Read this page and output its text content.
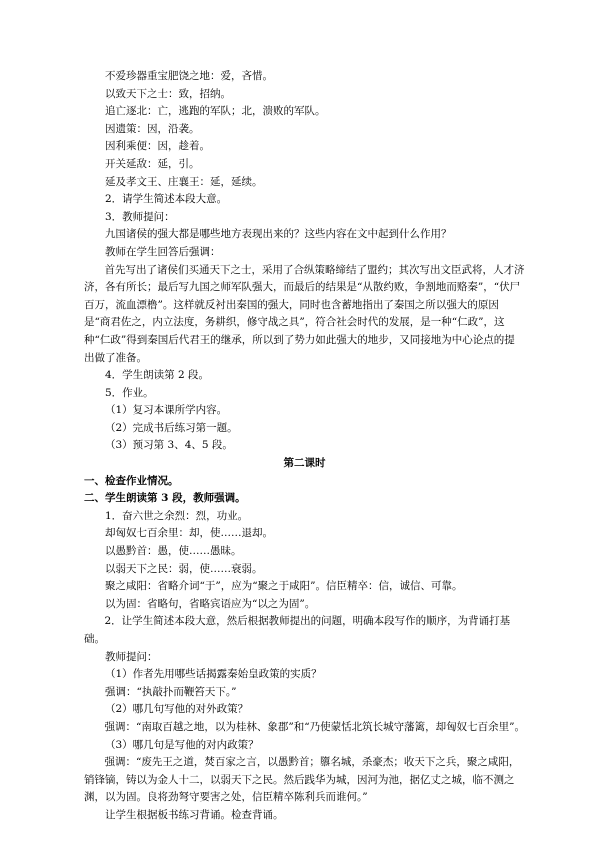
不爱珍器重宝肥饶之地：爱，吝惜。

以致天下之士：致，招纳。

追亡逐北：亡，逃跑的军队；北，溃败的军队。

因遗策：因，沿袭。

因利乘便：因，趁着。

开关延敌：延，引。

延及孝文王、庄襄王：延，延续。

2．请学生简述本段大意。

3．教师提问：

九国诸侯的强大都是哪些地方表现出来的？这些内容在文中起到什么作用？

教师在学生回答后强调：

首先写出了诸侯们买通天下之士，采用了合纵策略缔结了盟约；其次写出文臣武将，人才济济，各有所长；最后写九国之师军队强大，而最后的结果是“从散约败，争割地而赂秦”，“伏尸百万，流血漂橹”。这样就反衬出秦国的强大，同时也含蓄地指出了秦国之所以强大的原因是“商君佐之，内立法度，务耕织，修守战之具”，符合社会时代的发展，是一种“仁政”，这种“仁政”得到秦国后代君王的继承，所以到了势力如此强大的地步，又同接地为中心论点的提出做了准备。

4．学生朗读第 2 段。

5．作业。

（1）复习本课所学内容。

（2）完成书后练习第一题。

（3）预习第 3、4、5 段。

第二课时

一、检查作业情况。

二、学生朗读第 3 段，教师强调。

1．奋六世之余烈：烈，功业。

却匈奴七百余里：却，使……退却。

以愚黔首：愚，使……愚昧。

以弱天下之民：弱，使……衰弱。

聚之咸阳：省略介词“于”，应为“聚之于咸阳”。信臣精卒：信，诚信、可靠。

以为固：省略句，省略宾语应为“以之为固”。

2．让学生简述本段大意，然后根据教师提出的问题，明确本段写作的顺序，为背诵打基础。

教师提问：

（1）作者先用哪些话揭露秦始皇政策的实质？

强调：“执敲扑而鞭笞天下。”

（2）哪几句写他的对外政策？

强调：“南取百越之地，以为桂林、象郡”和“乃使蒙恬北筑长城守藩篱，却匈奴七百余里”。

（3）哪几句是写他的对内政策？

强调：“废先王之道，焚百家之言，以愚黔首；隳名城，杀豪杰；收天下之兵，聚之咸阳，销锋镝，铸以为金人十二，以弱天下之民。然后践华为城，因河为池，据亿丈之城，临不测之渊，以为固。良将劲弩守要害之处，信臣精卒陈利兵而谁何。”

让学生根据板书练习背诵。检查背诵。
